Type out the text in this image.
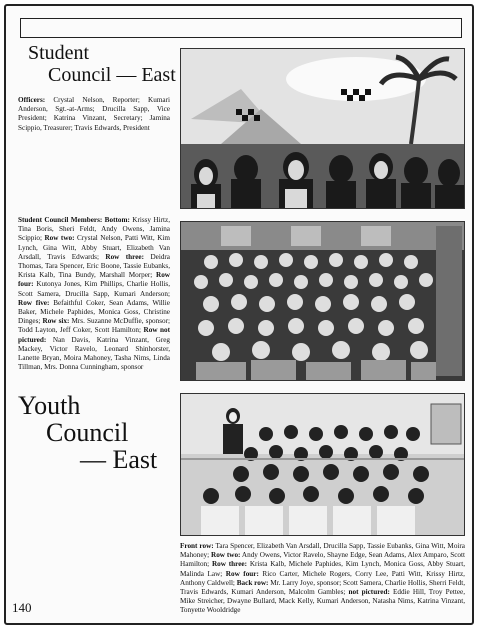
Student
Council — East
Officers: Crystal Nelson, Reporter; Kumari Anderson, Sgt.-at-Arms; Drucilla Sapp, Vice President; Katrina Vinzant, Secretary; Jamina Scippio, Treasurer; Travis Edwards, President
Student Council Members: Bottom: Krissy Hirtz, Tina Boris, Sheri Feldt, Andy Owens, Jamina Scippio; Row two: Crystal Nelson, Patti Witt, Kim Lynch, Gina Witt, Abby Stuart, Elizabeth Van Arsdall, Travis Edwards; Row three: Deidra Thomas, Tara Spencer, Eric Boone, Tassie Eubanks, Krista Kalb, Tina Bundy, Marshall Morper; Row four: Kutonya Jones, Kim Phillips, Charlie Hollis, Scott Samera, Drucilla Sapp, Kumari Anderson; Row five: Befaithful Coker, Sean Adams, Willie Baker, Michele Paphides, Monica Goss, Christine Dinges; Row six: Mrs. Suzanne McDuffie, sponsor; Todd Layton, Jeff Coker, Scott Hamilton; Row not pictured: Nan Davis, Katrina Vinzant, Greg Mackey, Victor Ravelo, Leonard Shinhorster, Lanette Bryan, Moira Mahoney, Tasha Nims, Linda Tillman, Mrs. Donna Cunningham, sponsor
Youth
Council
— East
Front row: Tara Spencer, Elizabeth Van Arsdall, Drucilla Sapp, Tassie Eubanks, Gina Witt, Moira Mahoney; Row two: Andy Owens, Victor Ravelo, Shayne Edge, Sean Adams, Alex Amparo, Scott Hamilton; Row three: Krista Kalb, Michele Paphides, Kim Lynch, Monica Goss, Abby Stuart, Malinda Law; Row four: Rico Carter, Michele Rogers, Corry Lee, Patti Witt, Krissy Hirtz, Anthony Caldwell; Back row: Mr. Larry Joye, sponsor; Scott Samera, Charlie Hollis, Sherri Feldt, Travis Edwards, Kumari Anderson, Malcolm Gambles; not pictured: Eddie Hill, Troy Pettee, Mike Streicher, Dwayne Bullard, Mack Kelly, Kumari Anderson, Natasha Nims, Katrina Vinzant, Tonyette Wooldridge
140
